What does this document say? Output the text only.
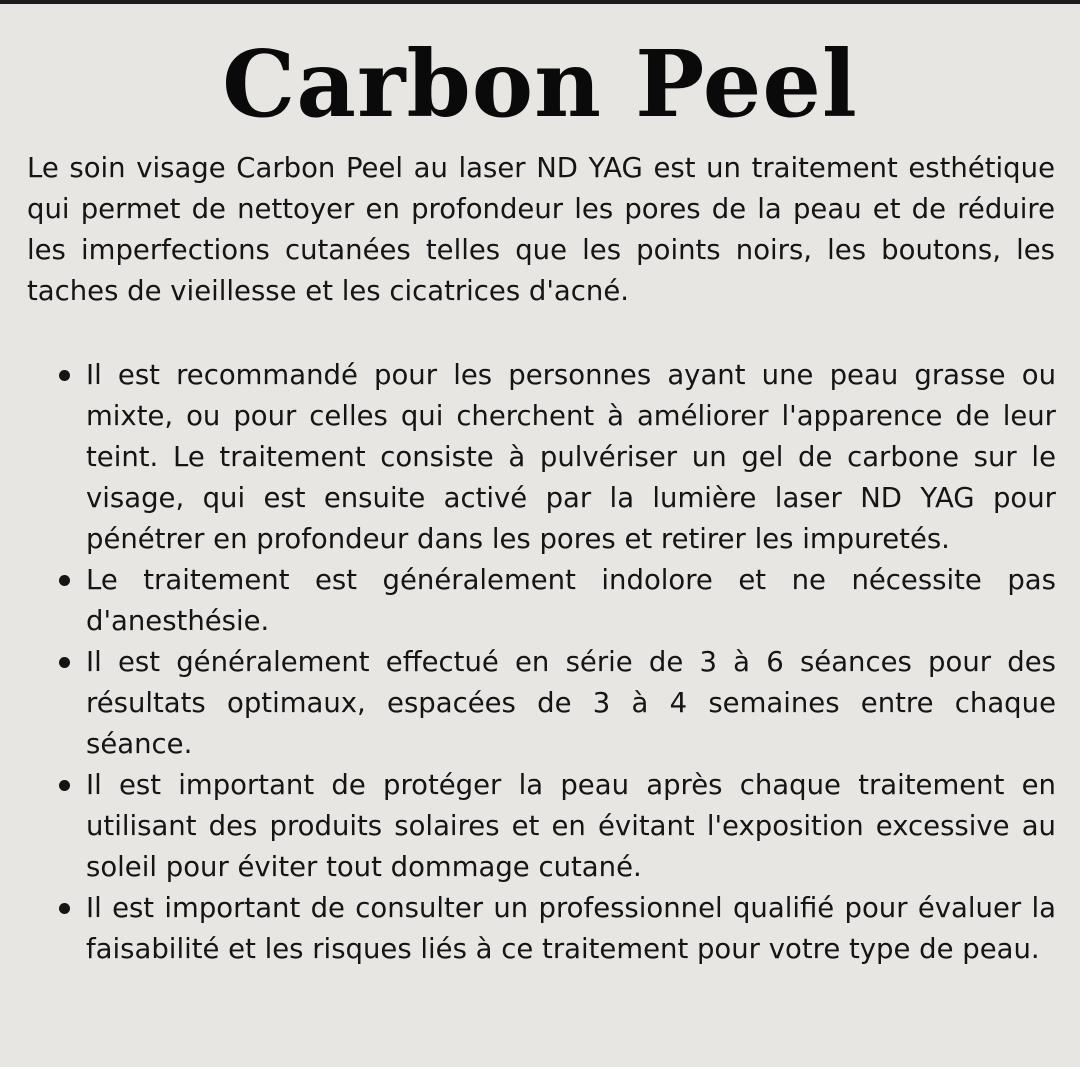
Carbon Peel

Le soin visage Carbon Peel au laser ND YAG est un traitement esthétique qui permet de nettoyer en profondeur les pores de la peau et de réduire les imperfections cutanées telles que les points noirs, les boutons, les taches de vieillesse et les cicatrices d'acné.

Il est recommandé pour les personnes ayant une peau grasse ou mixte, ou pour celles qui cherchent à améliorer l'apparence de leur teint. Le traitement consiste à pulvériser un gel de carbone sur le visage, qui est ensuite activé par la lumière laser ND YAG pour pénétrer en profondeur dans les pores et retirer les impuretés.
Le traitement est généralement indolore et ne nécessite pas d'anesthésie.
Il est généralement effectué en série de 3 à 6 séances pour des résultats optimaux, espacées de 3 à 4 semaines entre chaque séance.
Il est important de protéger la peau après chaque traitement en utilisant des produits solaires et en évitant l'exposition excessive au soleil pour éviter tout dommage cutané.
Il est important de consulter un professionnel qualifié pour évaluer la faisabilité et les risques liés à ce traitement pour votre type de peau.
